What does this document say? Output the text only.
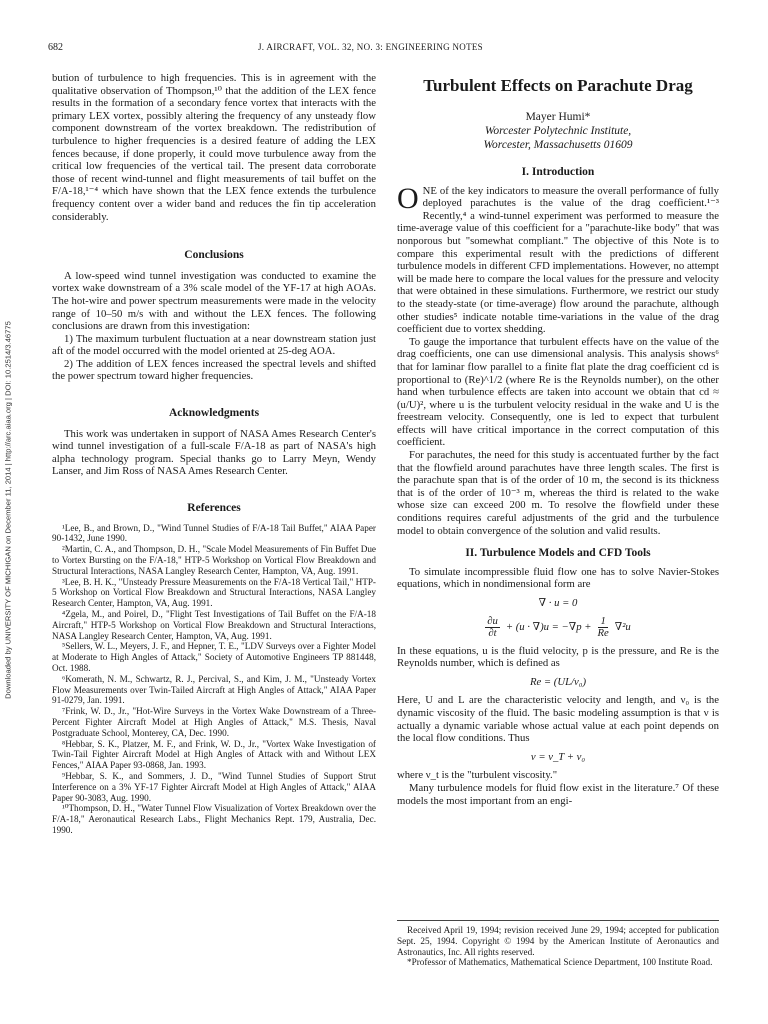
682	J. AIRCRAFT, VOL. 32, NO. 3: ENGINEERING NOTES
Downloaded by UNIVERSITY OF MICHIGAN on December 11, 2014 | http://arc.aiaa.org | DOI: 10.2514/3.46775

bution of turbulence to high frequencies. This is in agreement with the qualitative observation of Thompson,¹⁰ that the addition of the LEX fence results in the formation of a secondary fence vortex that interacts with the primary LEX vortex, possibly altering the frequency of any unsteady flow component downstream of the vortex breakdown. The redistribution of turbulence to higher frequencies is a desired feature of adding the LEX fences because, if done properly, it could move turbulence away from the critical low frequencies of the vertical tail. The present data corroborate those of recent wind-tunnel and flight measurements of tail buffet on the F/A-18,¹⁻⁴ which have shown that the LEX fence extends the turbulence frequency content over a wider band and reduces the fin tip acceleration considerably.

Conclusions

A low-speed wind tunnel investigation was conducted to examine the vortex wake downstream of a 3% scale model of the YF-17 at high AOAs. The hot-wire and power spectrum measurements were made in the velocity range of 10–50 m/s with and without the LEX fences. The following conclusions are drawn from this investigation:

1) The maximum turbulent fluctuation at a near downstream station just aft of the model occurred with the model oriented at 25-deg AOA.

2) The addition of LEX fences increased the spectral levels and shifted the power spectrum toward higher frequencies.

Acknowledgments

This work was undertaken in support of NASA Ames Research Center's wind tunnel investigation of a full-scale F/A-18 as part of NASA's high alpha technology program. Special thanks go to Larry Meyn, Wendy Lanser, and Jim Ross of NASA Ames Research Center.

References

¹Lee, B., and Brown, D., "Wind Tunnel Studies of F/A-18 Tail Buffet," AIAA Paper 90-1432, June 1990.

²Martin, C. A., and Thompson, D. H., "Scale Model Measurements of Fin Buffet Due to Vortex Bursting on the F/A-18," HTP-5 Workshop on Vortical Flow Breakdown and Structural Interactions, NASA Langley Research Center, Hampton, VA, Aug. 1991.

³Lee, B. H. K., "Unsteady Pressure Measurements on the F/A-18 Vertical Tail," HTP-5 Workshop on Vortical Flow Breakdown and Structural Interactions, NASA Langley Research Center, Hampton, VA, Aug. 1991.

⁴Zgela, M., and Poirel, D., "Flight Test Investigations of Tail Buffet on the F/A-18 Aircraft," HTP-5 Workshop on Vortical Flow Breakdown and Structural Interactions, NASA Langley Research Center, Hampton, VA, Aug. 1991.

⁵Sellers, W. L., Meyers, J. F., and Hepner, T. E., "LDV Surveys over a Fighter Model at Moderate to High Angles of Attack," Society of Automotive Engineers TP 881448, Oct. 1988.

⁶Komerath, N. M., Schwartz, R. J., Percival, S., and Kim, J. M., "Unsteady Vortex Flow Measurements over Twin-Tailed Aircraft at High Angles of Attack," AIAA Paper 91-0279, Jan. 1991.

⁷Frink, W. D., Jr., "Hot-Wire Surveys in the Vortex Wake Downstream of a Three-Percent Fighter Aircraft Model at High Angles of Attack," M.S. Thesis, Naval Postgraduate School, Monterey, CA, Dec. 1990.

⁸Hebbar, S. K., Platzer, M. F., and Frink, W. D., Jr., "Vortex Wake Investigation of Twin-Tail Fighter Aircraft Model at High Angles of Attack with and Without LEX Fences," AIAA Paper 93-0868, Jan. 1993.

⁹Hebbar, S. K., and Sommers, J. D., "Wind Tunnel Studies of Support Strut Interference on a 3% YF-17 Fighter Aircraft Model at High Angles of Attack," AIAA Paper 90-3083, Aug. 1990.

¹⁰Thompson, D. H., "Water Tunnel Flow Visualization of Vortex Breakdown over the F/A-18," Aeronautical Research Labs., Flight Mechanics Rept. 179, Australia, Dec. 1990.

Turbulent Effects on Parachute Drag
Mayer Humi*
Worcester Polytechnic Institute,
Worcester, Massachusetts 01609
I. Introduction

ONE of the key indicators to measure the overall performance of fully deployed parachutes is the value of the drag coefficient.¹⁻³ Recently,⁴ a wind-tunnel experiment was performed to measure the time-average value of this coefficient for a "parachute-like body" that was nonporous but "somewhat compliant." The objective of this Note is to compare this experimental result with the predictions of different turbulence models in different CFD implementations. However, no attempt will be made here to compare the local values for the pressure and velocity that were obtained in these simulations. Furthermore, we restrict our study to the steady-state (or time-average) flow around the parachute, although other studies⁵ indicate notable time-variations in the value of the drag coefficient due to vortex shedding.

To gauge the importance that turbulent effects have on the value of the drag coefficients, one can use dimensional analysis. This analysis shows⁶ that for laminar flow parallel to a finite flat plate the drag coefficient cd is proportional to (Re)^1/2 (where Re is the Reynolds number), on the other hand when turbulence effects are taken into account we obtain that cd ≈ (u/U)², where u is the turbulent velocity residual in the wake and U is the freestream velocity. Consequently, one is led to expect that turbulent effects will have critical importance in the correct computation of this coefficient.

For parachutes, the need for this study is accentuated further by the fact that the flowfield around parachutes have three length scales. The first is the parachute span that is of the order of 10 m, the second is its thickness that is of the order of 10⁻³ m, whereas the third is related to the wake whose size can exceed 200 m. To resolve the flowfield under these conditions requires careful adjustments of the grid and the turbulence model to obtain convergence of the solution and valid results.

II. Turbulence Models and CFD Tools

To simulate incompressible fluid flow one has to solve Navier-Stokes equations, which in nondimensional form are

∇ · u = 0
$\frac{\partial u}{\partial t} + (u \cdot \nabla)u = -\nabla p + \frac{1}{Re} \nabla^2u$

In these equations, u is the fluid velocity, p is the pressure, and Re is the Reynolds number, which is defined as

Re = (UL/ν₀)

Here, U and L are the characteristic velocity and length, and ν₀ is the dynamic viscosity of the fluid. The basic modeling assumption is that ν is actually a dynamic variable whose actual value at each point depends on the local flow conditions. Thus

ν = ν_T + ν₀

where ν_t is the "turbulent viscosity."

Many turbulence models for fluid flow exist in the literature.⁷ Of these models the most important from an engi-

Received April 19, 1994; revision received June 29, 1994; accepted for publication Sept. 25, 1994. Copyright © 1994 by the American Institute of Aeronautics and Astronautics, Inc. All rights reserved.

*Professor of Mathematics, Mathematical Science Department, 100 Institute Road.
